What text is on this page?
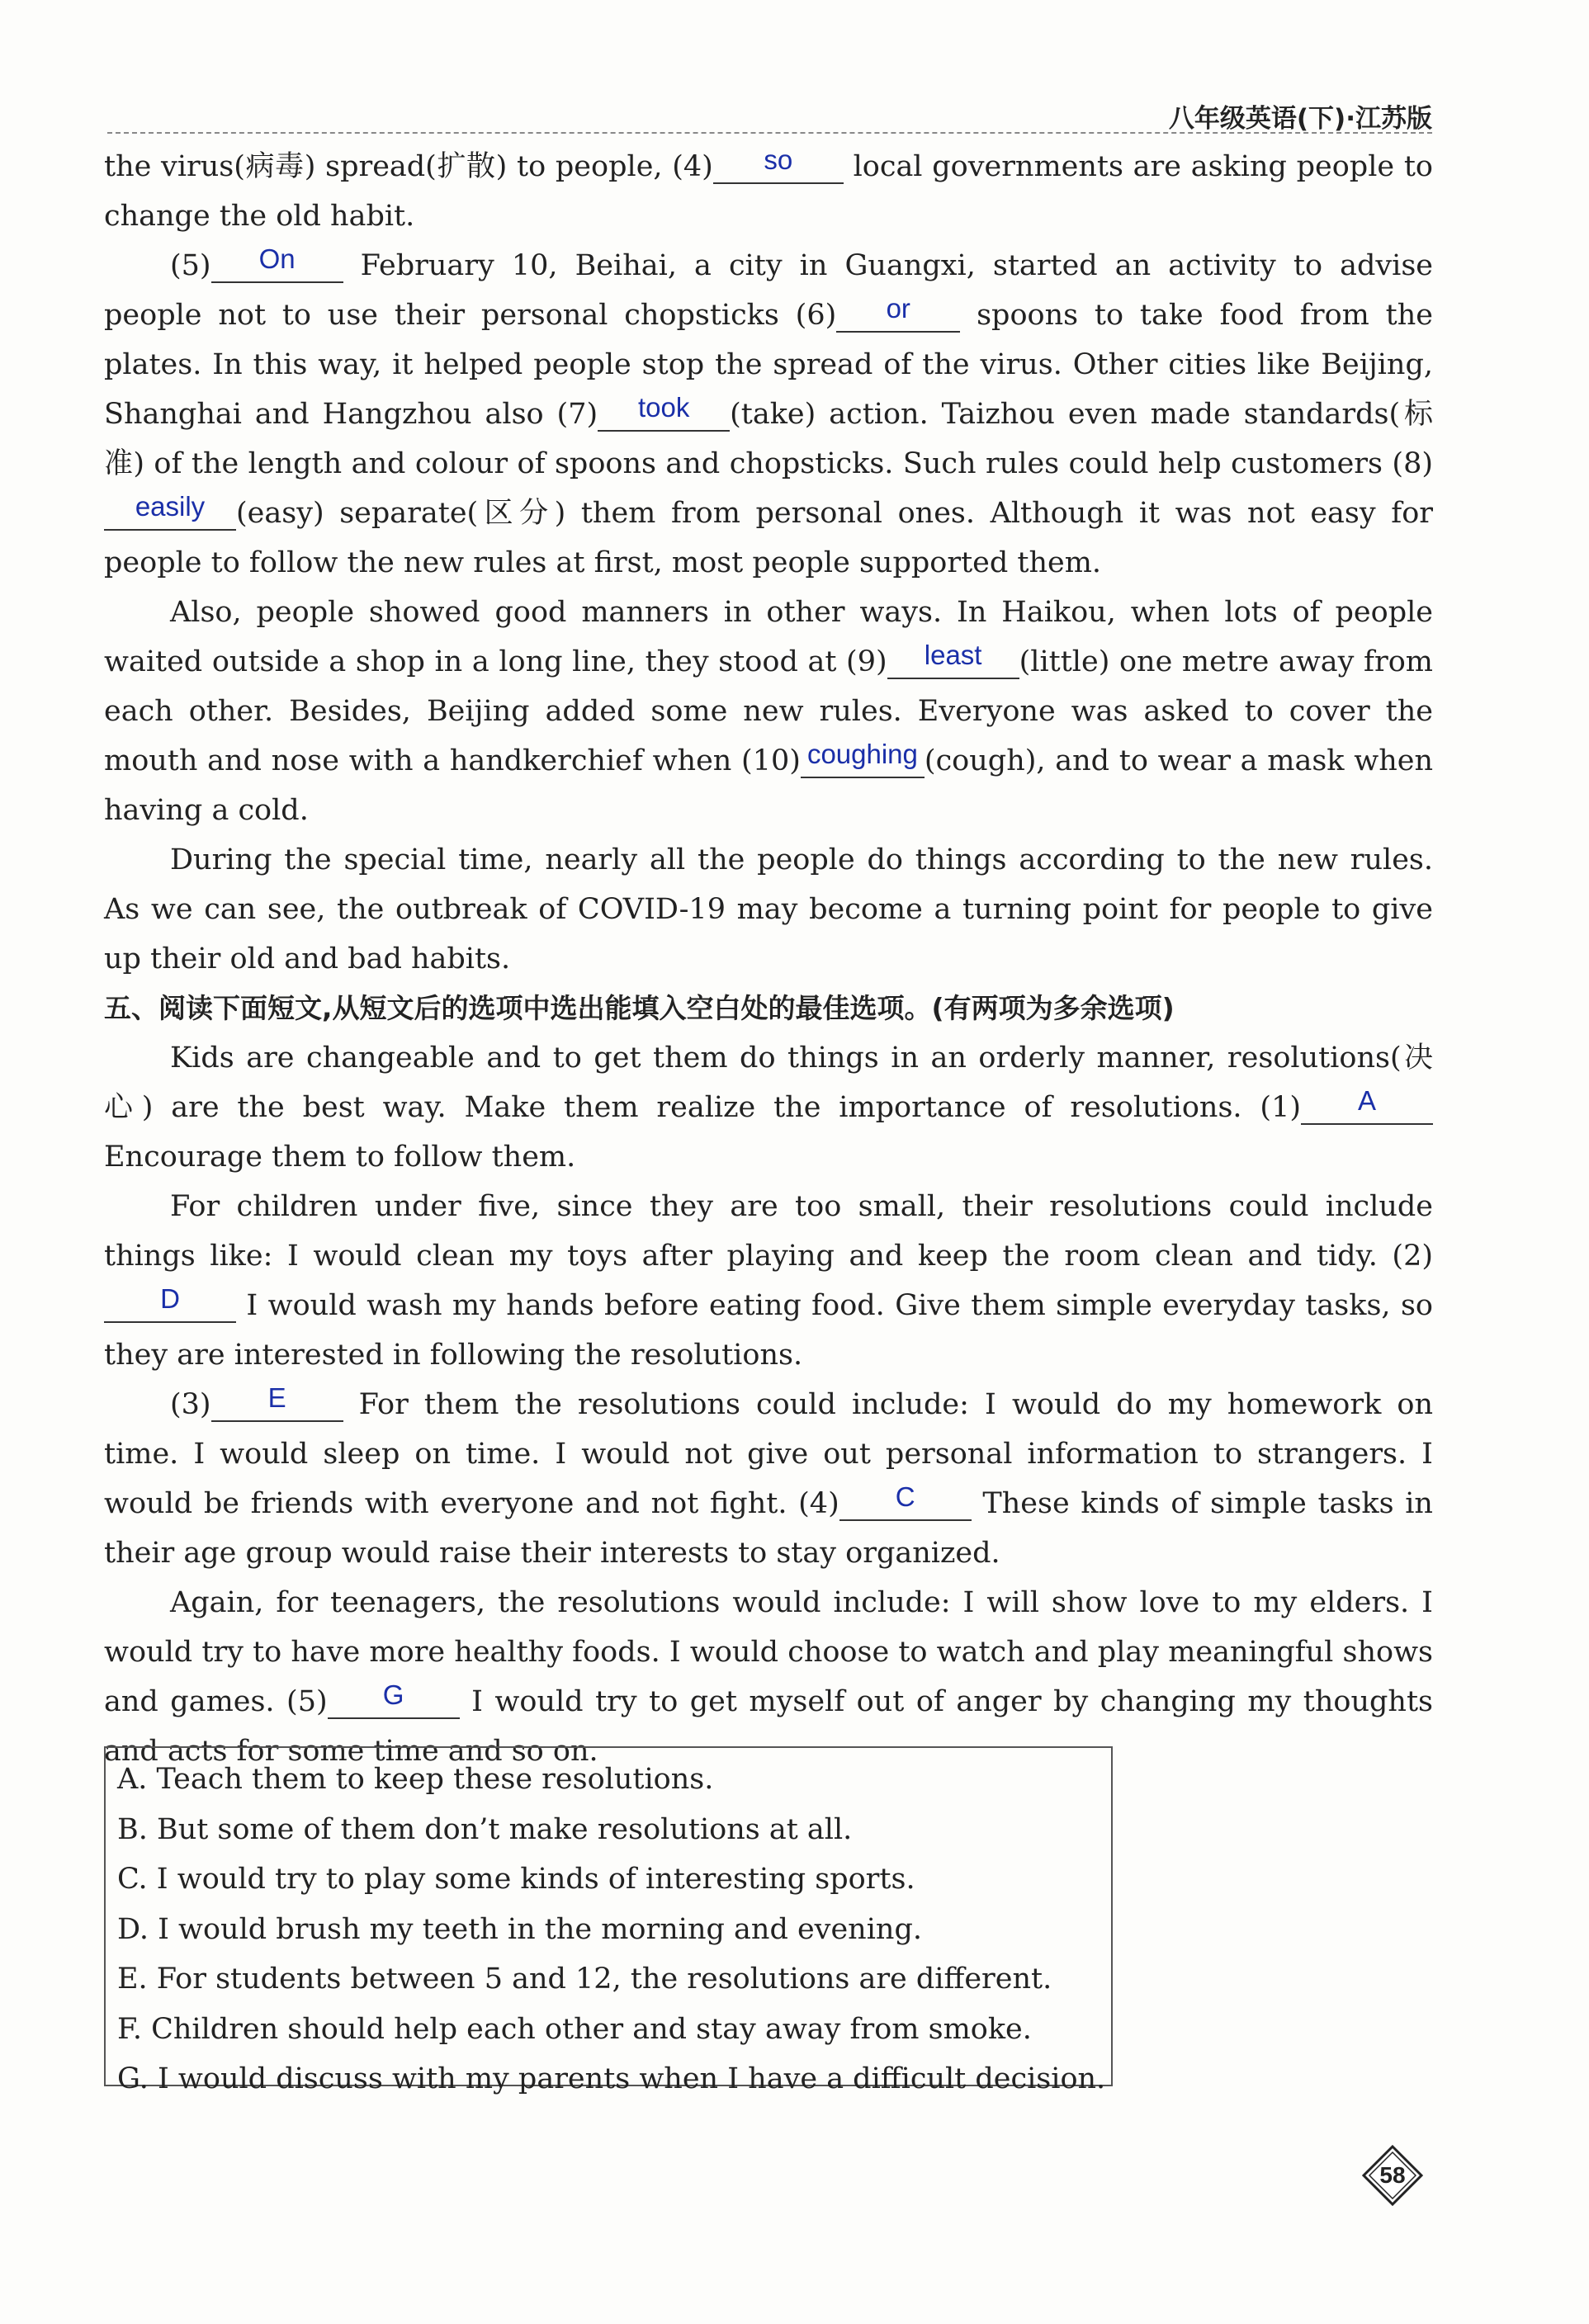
八年级英语(下)·江苏版

the virus(病毒) spread(扩散) to people, (4) so local governments are asking people to change the old habit.

(5) On February 10, Beihai, a city in Guangxi, started an activity to advise people not to use their personal chopsticks (6) or spoons to take food from the plates. In this way, it helped people stop the spread of the virus. Other cities like Beijing, Shanghai and Hangzhou also (7) took (take) action. Taizhou even made standards(标准) of the length and colour of spoons and chopsticks. Such rules could help customers (8)easily (easy) separate(区分) them from personal ones. Although it was not easy for people to follow the new rules at first, most people supported them.

Also, people showed good manners in other ways. In Haikou, when lots of people waited outside a shop in a long line, they stood at (9) least (little) one metre away from each other. Besides, Beijing added some new rules. Everyone was asked to cover the mouth and nose with a handkerchief when (10) coughing (cough), and to wear a mask when having a cold.

During the special time, nearly all the people do things according to the new rules. As we can see, the outbreak of COVID-19 may become a turning point for people to give up their old and bad habits.

五、阅读下面短文,从短文后的选项中选出能填入空白处的最佳选项。(有两项为多余选项)

Kids are changeable and to get them do things in an orderly manner, resolutions(决心) are the best way. Make them realize the importance of resolutions. (1) A Encourage them to follow them.

For children under five, since they are too small, their resolutions could include things like: I would clean my toys after playing and keep the room clean and tidy. (2)D I would wash my hands before eating food. Give them simple everyday tasks, so they are interested in following the resolutions.

(3) E For them the resolutions could include: I would do my homework on time. I would sleep on time. I would not give out personal information to strangers. I would be friends with everyone and not fight. (4) C These kinds of simple tasks in their age group would raise their interests to stay organized.

Again, for teenagers, the resolutions would include: I will show love to my elders. I would try to have more healthy foods. I would choose to watch and play meaningful shows and games. (5) G I would try to get myself out of anger by changing my thoughts and acts for some time and so on.

A. Teach them to keep these resolutions.
B. But some of them don’t make resolutions at all.
C. I would try to play some kinds of interesting sports.
D. I would brush my teeth in the morning and evening.
E. For students between 5 and 12, the resolutions are different.
F. Children should help each other and stay away from smoke.
G. I would discuss with my parents when I have a difficult decision.
58
